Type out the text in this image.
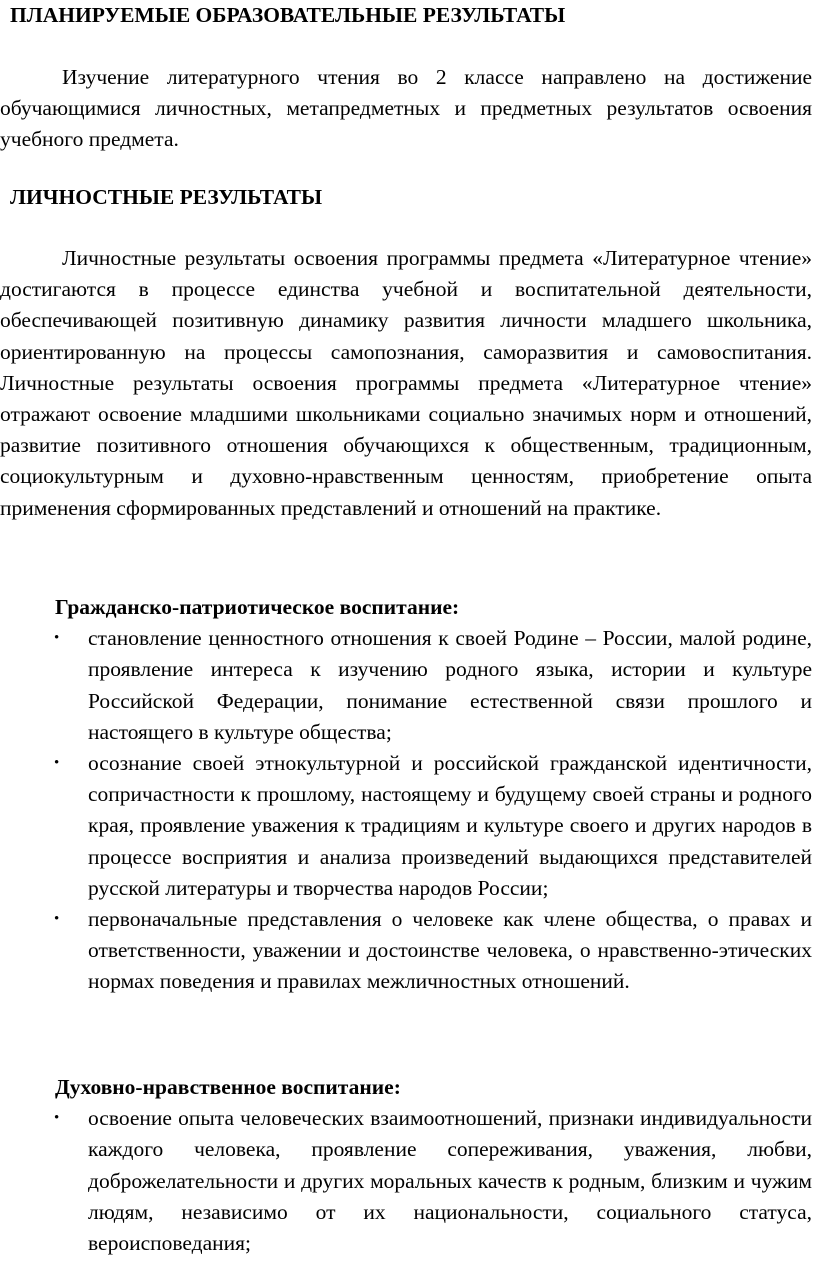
ПЛАНИРУЕМЫЕ ОБРАЗОВАТЕЛЬНЫЕ РЕЗУЛЬТАТЫ

Изучение литературного чтения во 2 классе направлено на достижение обучающимися личностных, метапредметных и предметных результатов освоения учебного предмета.

ЛИЧНОСТНЫЕ РЕЗУЛЬТАТЫ

Личностные результаты освоения программы предмета «Литературное чтение» достигаются в процессе единства учебной и воспитательной деятельности, обеспечивающей позитивную динамику развития личности младшего школьника, ориентированную на процессы самопознания, саморазвития и самовоспитания. Личностные результаты освоения программы предмета «Литературное чтение» отражают освоение младшими школьниками социально значимых норм и отношений, развитие позитивного отношения обучающихся к общественным, традиционным, социокультурным и духовно-нравственным ценностям, приобретение опыта применения сформированных представлений и отношений на практике.

Гражданско-патриотическое воспитание:

• становление ценностного отношения к своей Родине – России, малой родине, проявление интереса к изучению родного языка, истории и культуре Российской Федерации, понимание естественной связи прошлого и настоящего в культуре общества;
• осознание своей этнокультурной и российской гражданской идентичности, сопричастности к прошлому, настоящему и будущему своей страны и родного края, проявление уважения к традициям и культуре своего и других народов в процессе восприятия и анализа произведений выдающихся представителей русской литературы и творчества народов России;
• первоначальные представления о человеке как члене общества, о правах и ответственности, уважении и достоинстве человека, о нравственно-этических нормах поведения и правилах межличностных отношений.

Духовно-нравственное воспитание:

• освоение опыта человеческих взаимоотношений, признаки индивидуальности каждого человека, проявление сопереживания, уважения, любви, доброжелательности и других моральных качеств к родным, близким и чужим людям, независимо от их национальности, социального статуса, вероисповедания;
